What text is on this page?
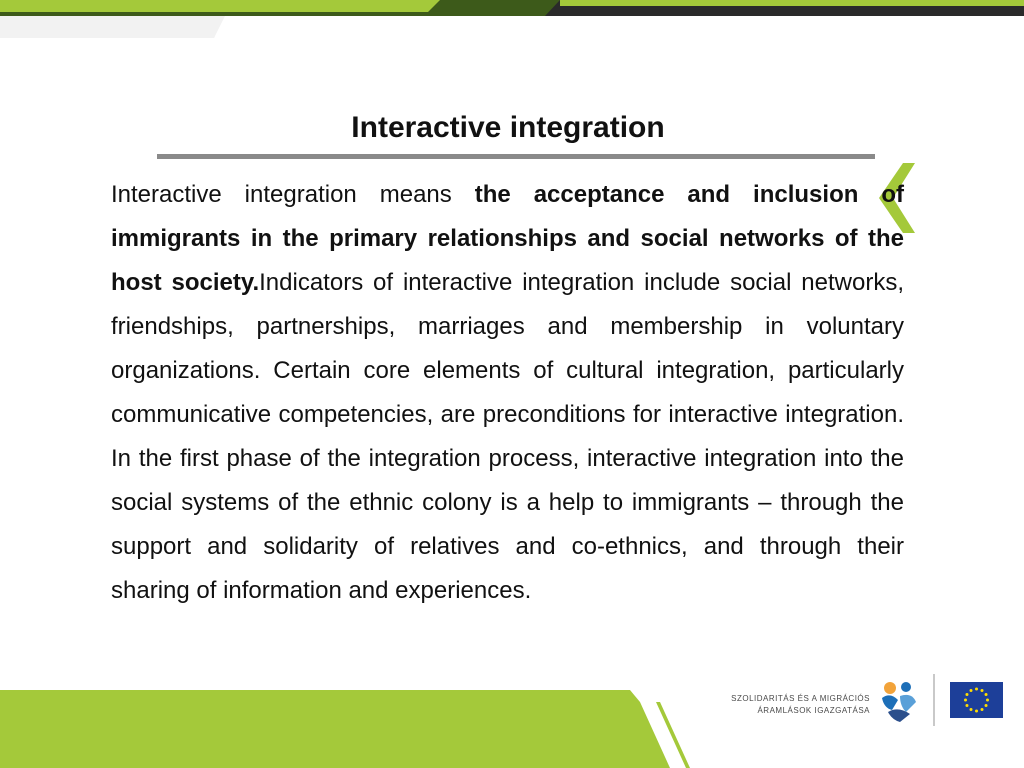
Interactive integration

Interactive integration means the acceptance and inclusion of immigrants in the primary relationships and social networks of the host society.Indicators of interactive integration include social networks, friendships, partnerships, marriages and membership in voluntary organizations. Certain core elements of cultural integration, particularly communicative competencies, are preconditions for interactive integration. In the first phase of the integration process, interactive integration into the social systems of the ethnic colony is a help to immigrants – through the support and solidarity of relatives and co-ethnics, and through their sharing of information and experiences.

SZOLIDARITÁS ÉS A MIGRÁCIÓS
ÁRAMLÁSOK IGAZGATÁSA
